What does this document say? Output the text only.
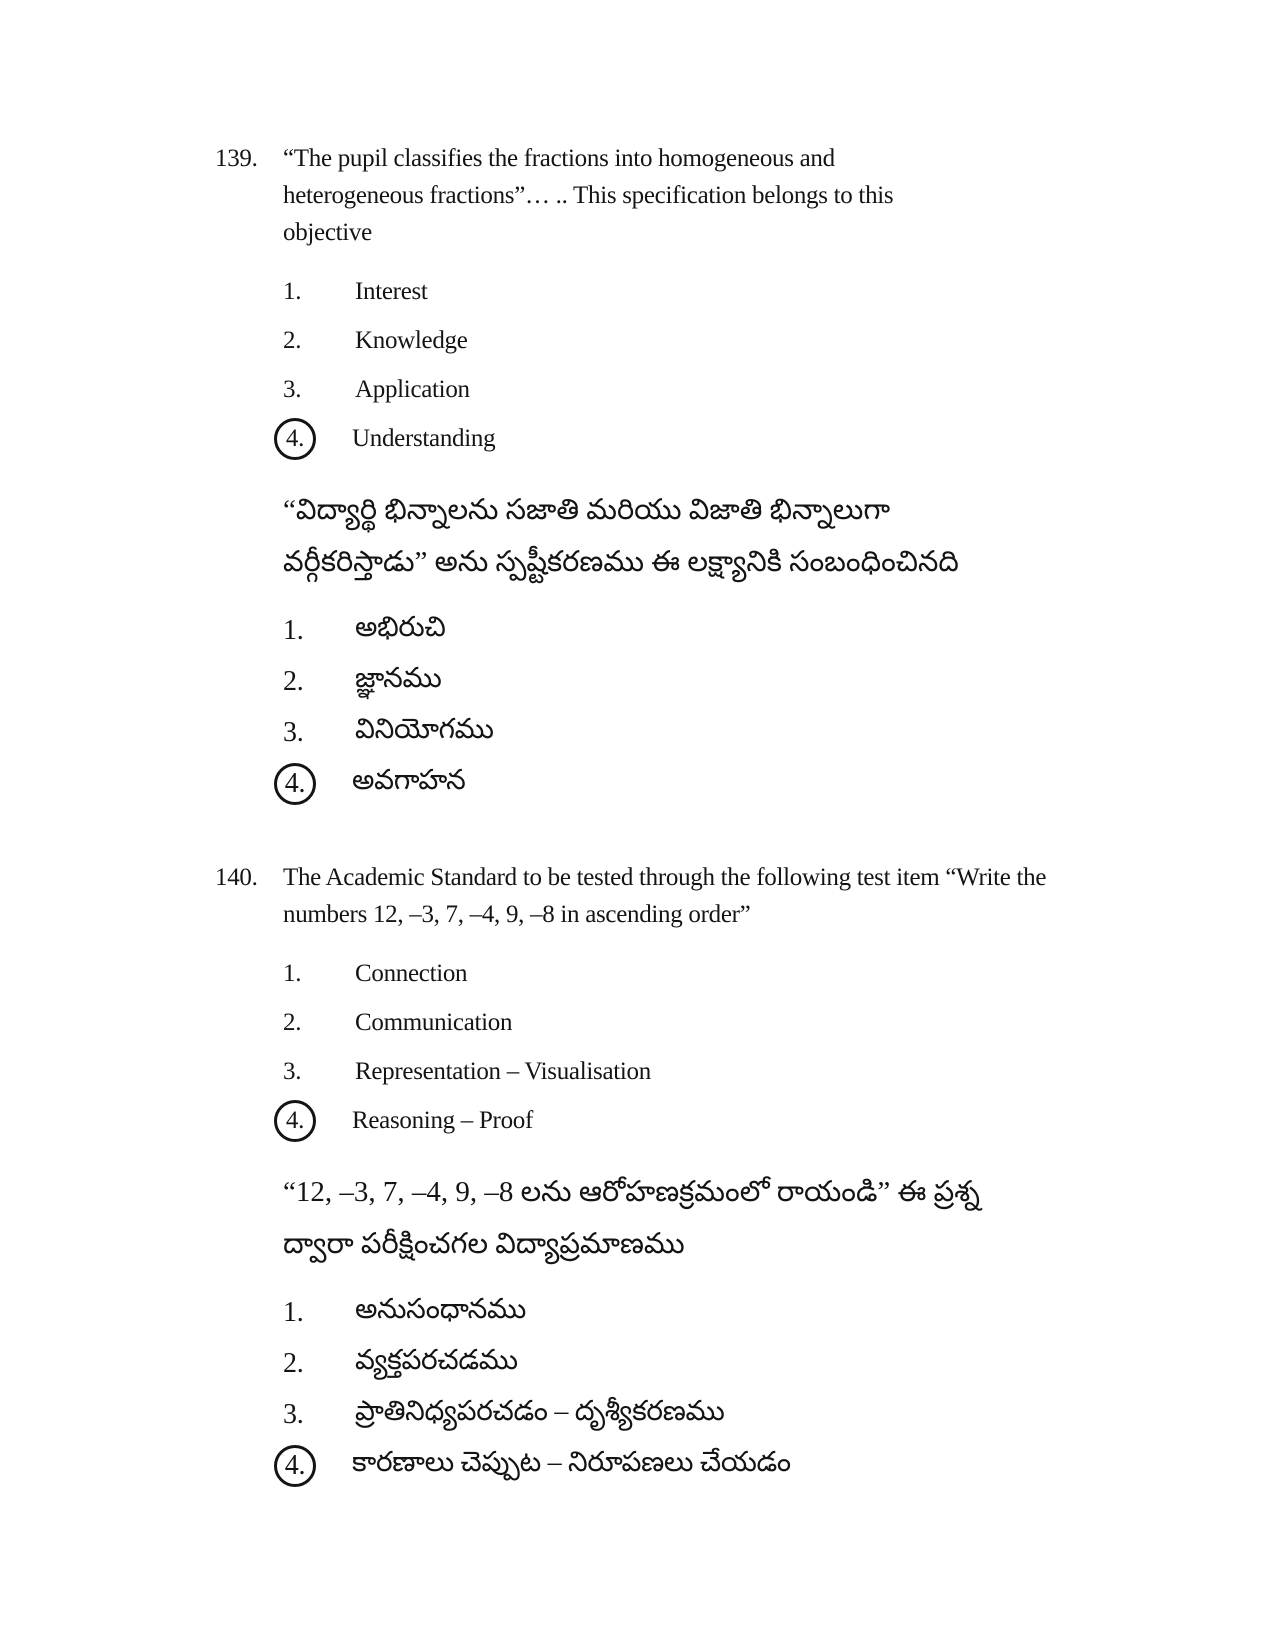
139.	“The pupil classifies the fractions into homogeneous and heterogeneous fractions”… .. This specification belongs to this objective
1.	Interest
2.	Knowledge
3.	Application
4.	Understanding
“విద్యార్థి భిన్నాలను సజాతి మరియు విజాతి భిన్నాలుగా వర్గీకరిస్తాడు” అను స్పష్టీకరణము ఈ లక్ష్యానికి సంబంధించినది
1.	అభిరుచి
2.	జ్ఞానము
3.	వినియోగము
4.	అవగాహన
140.	The Academic Standard to be tested through the following test item “Write the numbers 12, –3, 7, –4, 9, –8 in ascending order”
1.	Connection
2.	Communication
3.	Representation – Visualisation
4.	Reasoning – Proof
“12, –3, 7, –4, 9, –8 లను ఆరోహణక్రమంలో రాయండి” ఈ ప్రశ్న ద్వారా పరీక్షించగల విద్యాప్రమాణము
1.	అనుసంధానము
2.	వ్యక్తపరచడము
3.	ప్రాతినిధ్యపరచడం – దృశ్యీకరణము
4.	కారణాలు చెప్పుట – నిరూపణలు చేయడం
